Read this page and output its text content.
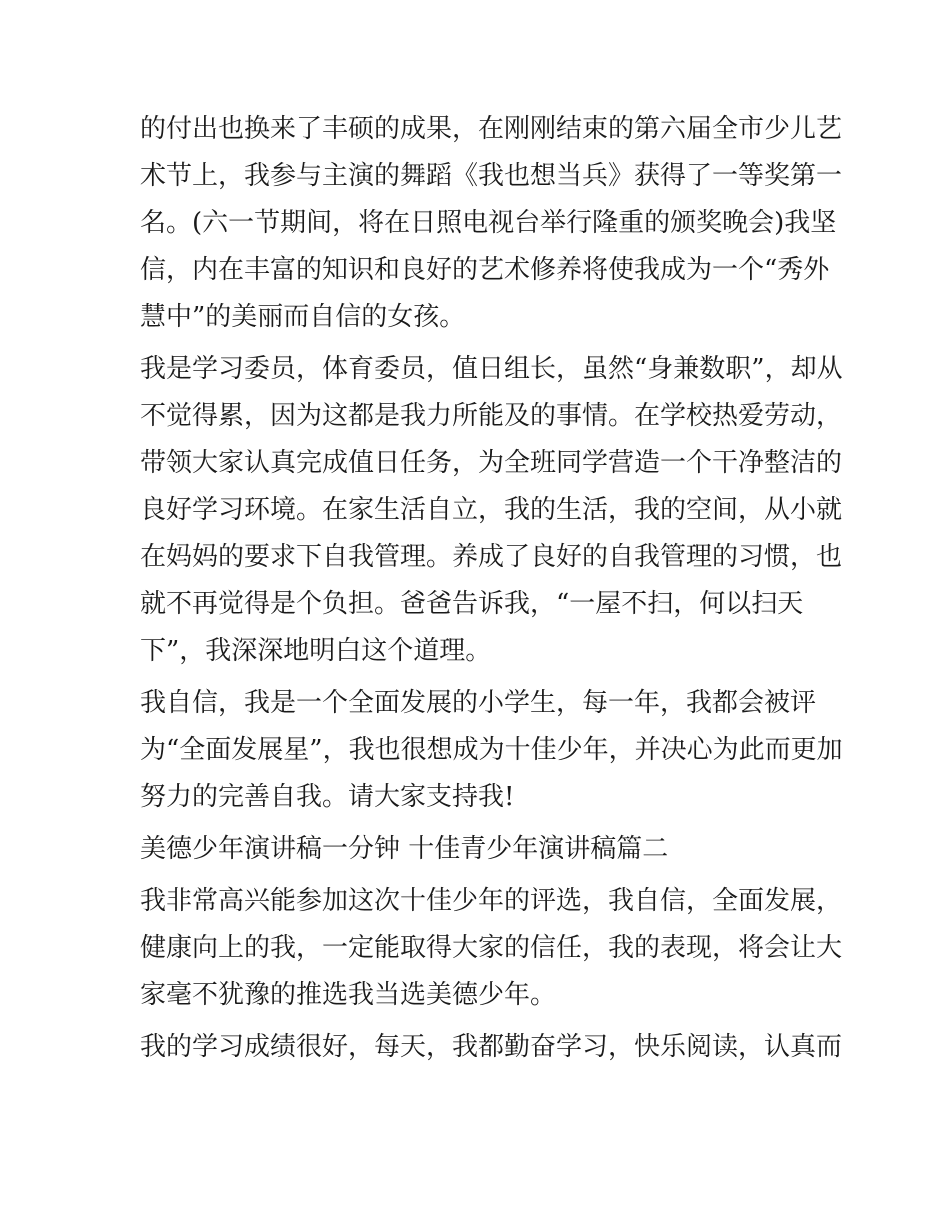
的付出也换来了丰硕的成果，在刚刚结束的第六届全市少儿艺
术节上，我参与主演的舞蹈《我也想当兵》获得了一等奖第一
名。(六一节期间，将在日照电视台举行隆重的颁奖晚会)我坚
信，内在丰富的知识和良好的艺术修养将使我成为一个“秀外
慧中”的美丽而自信的女孩。
我是学习委员，体育委员，值日组长，虽然“身兼数职”，却从
不觉得累，因为这都是我力所能及的事情。在学校热爱劳动，
带领大家认真完成值日任务，为全班同学营造一个干净整洁的
良好学习环境。在家生活自立，我的生活，我的空间，从小就
在妈妈的要求下自我管理。养成了良好的自我管理的习惯，也
就不再觉得是个负担。爸爸告诉我，“一屋不扫，何以扫天
下”，我深深地明白这个道理。
我自信，我是一个全面发展的小学生，每一年，我都会被评
为“全面发展星”，我也很想成为十佳少年，并决心为此而更加
努力的完善自我。请大家支持我!
美德少年演讲稿一分钟 十佳青少年演讲稿篇二
我非常高兴能参加这次十佳少年的评选，我自信，全面发展，
健康向上的我，一定能取得大家的信任，我的表现，将会让大
家毫不犹豫的推选我当选美德少年。
我的学习成绩很好，每天，我都勤奋学习，快乐阅读，认真而
